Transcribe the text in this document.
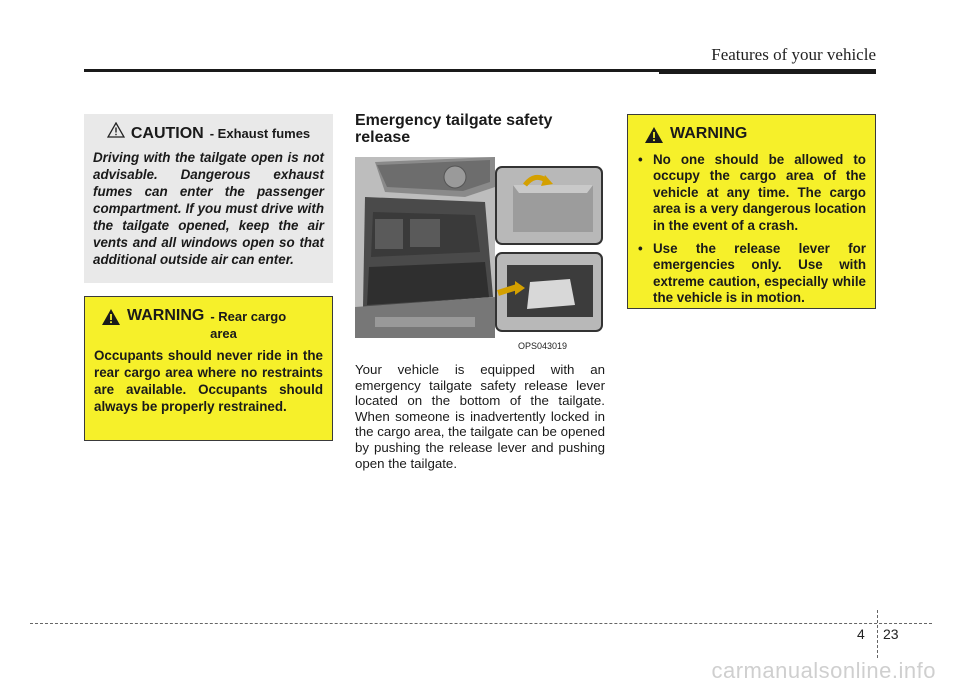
Features of your vehicle
CAUTION - Exhaust fumes
Driving with the tailgate open is not advisable. Dangerous exhaust fumes can enter the passenger compartment. If you must drive with the tailgate opened, keep the air vents and all windows open so that additional outside air can enter.
WARNING - Rear cargo
area
Occupants should never ride in the rear cargo area where no restraints are available. Occupants should always be properly restrained.
Emergency tailgate safety release
OPS043019
Your vehicle is equipped with an emergency tailgate safety release lever located on the bottom of the tailgate. When someone is inadvertently locked in the cargo area, the tailgate can be opened by pushing the release lever and pushing open the tailgate.
WARNING
• No one should be allowed to occupy the cargo area of the vehicle at any time. The cargo area is a very dangerous location in the event of a crash.
• Use the release lever for emergencies only. Use with extreme caution, especially while the vehicle is in motion.
4 23
carmanualsonline.info
